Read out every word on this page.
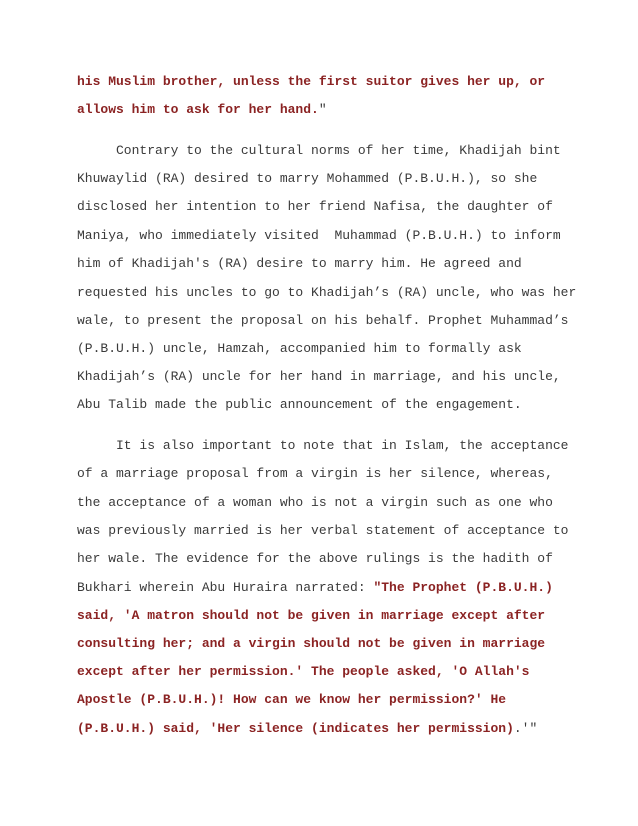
his Muslim brother, unless the first suitor gives her up, or
allows him to ask for her hand."
Contrary to the cultural norms of her time, Khadijah bint
Khuwaylid (RA) desired to marry Mohammed (P.B.U.H.), so she
disclosed her intention to her friend Nafisa, the daughter of
Maniya, who immediately visited  Muhammad (P.B.U.H.) to inform
him of Khadijah's (RA) desire to marry him. He agreed and
requested his uncles to go to Khadijah’s (RA) uncle, who was her
wale, to present the proposal on his behalf. Prophet Muhammad’s
(P.B.U.H.) uncle, Hamzah, accompanied him to formally ask
Khadijah’s (RA) uncle for her hand in marriage, and his uncle,
Abu Talib made the public announcement of the engagement.
It is also important to note that in Islam, the acceptance
of a marriage proposal from a virgin is her silence, whereas,
the acceptance of a woman who is not a virgin such as one who
was previously married is her verbal statement of acceptance to
her wale. The evidence for the above rulings is the hadith of
Bukhari wherein Abu Huraira narrated: "The Prophet (P.B.U.H.)
said, 'A matron should not be given in marriage except after
consulting her; and a virgin should not be given in marriage
except after her permission.' The people asked, 'O Allah's
Apostle (P.B.U.H.)! How can we know her permission?' He
(P.B.U.H.) said, 'Her silence (indicates her permission).'"
